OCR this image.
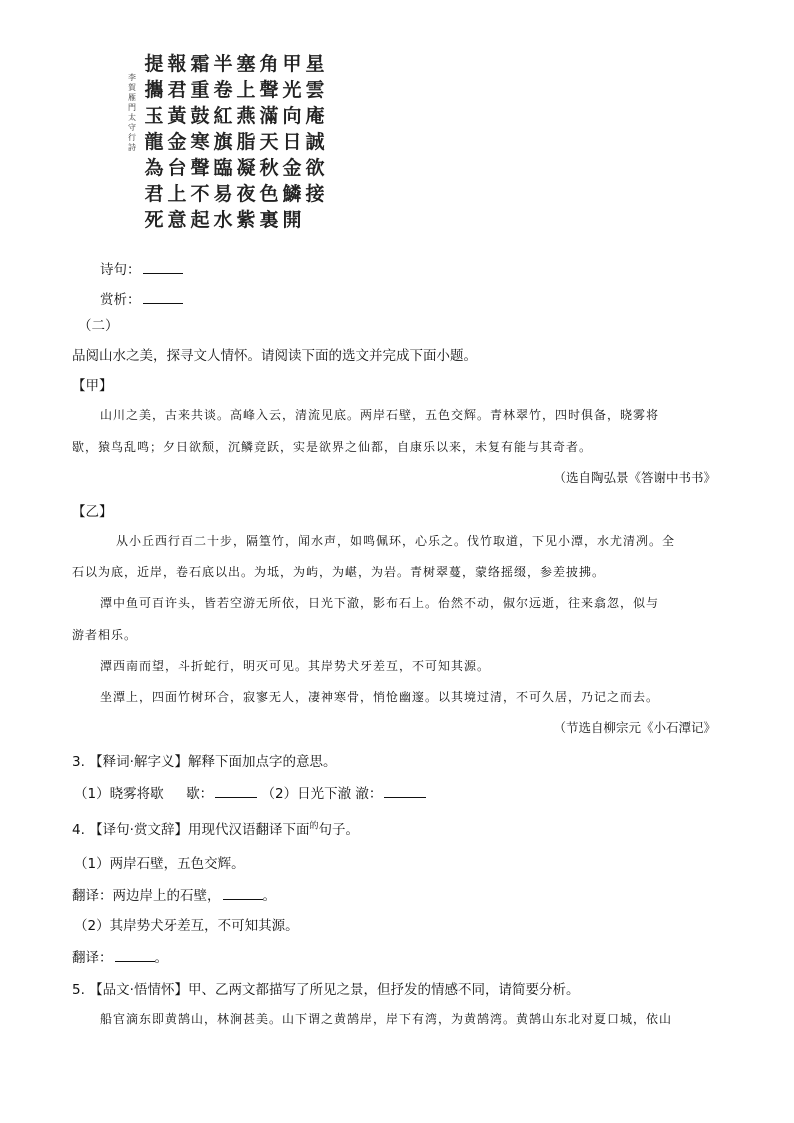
星
雲
庵
誠
欲
接
甲
光
向
日
金
鱗
開
角
聲
滿
天
秋
色
裏
塞
上
燕
脂
凝
夜
紫
半
卷
紅
旗
臨
易
水
霜
重
鼓
寒
聲
不
起
報
君
黃
金
台
上
意
提
攜
玉
龍
為
君
死
李
賀
雁
門
太
守
行
詩
诗句：
赏析：
（二）
品阅山水之美，探寻文人情怀。请阅读下面的选文并完成下面小题。
【甲】
山川之美，古来共谈。高峰入云，清流见底。两岸石壁，五色交辉。青林翠竹，四时俱备，晓雾将
歇，猿鸟乱鸣；夕日欲颓，沉鳞竞跃，实是欲界之仙都，自康乐以来，未复有能与其奇者。
（选自陶弘景《答谢中书书》
【乙】
从小丘西行百二十步，隔篁竹，闻水声，如鸣佩环，心乐之。伐竹取道，下见小潭，水尤清冽。全
石以为底，近岸，卷石底以出。为坻，为屿，为嵁，为岩。青树翠蔓，蒙络摇缀，参差披拂。
潭中鱼可百许头，皆若空游无所依，日光下澈，影布石上。佁然不动，俶尔远逝，往来翕忽，似与
游者相乐。
潭西南而望，斗折蛇行，明灭可见。其岸势犬牙差互，不可知其源。
坐潭上，四面竹树环合，寂寥无人，凄神寒骨，悄怆幽邃。以其境过清，不可久居，乃记之而去。
（节选自柳宗元《小石潭记》
3. 【释词·解字义】解释下面加点字的意思。
（1）晓雾将歇 歇：	（2）日光下澈 澈：
4. 【译句·赏文辞】用现代汉语翻译下面$^的$句子。
（1）两岸石壁，五色交辉。
翻译：两边岸上的石壁，	。
（2）其岸势犬牙差互，不可知其源。
翻译：	。
5. 【品文·悟情怀】甲、乙两文都描写了所见之景，但抒发的情感不同，请简要分析。
船官滴东即黄鹄山，林涧甚美。山下谓之黄鹄岸，岸下有湾，为黄鹄湾。黄鹄山东北对夏口城，依山
